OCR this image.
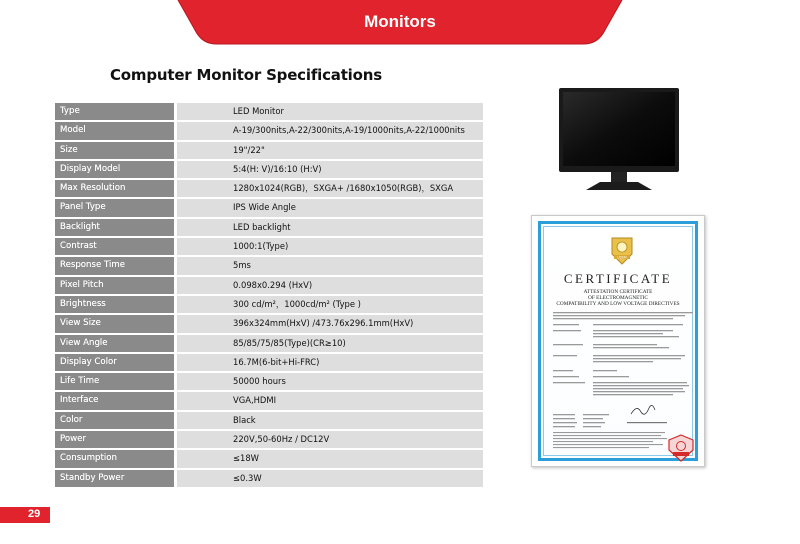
Monitors
Computer Monitor Specifications
Type	LED Monitor
Model	A-19/300nits,A-22/300nits,A-19/1000nits,A-22/1000nits
Size	19"/22"
Display Model	5:4(H: V)/16:10 (H:V)
Max Resolution	1280x1024(RGB)，SXGA+ /1680x1050(RGB)，SXGA
Panel Type	IPS Wide Angle
Backlight	LED backlight
Contrast	1000:1(Type)
Response Time	5ms
Pixel Pitch	0.098x0.294 (HxV)
Brightness	300 cd/m²，1000cd/m² (Type )
View Size	396x324mm(HxV) /473.76x296.1mm(HxV)
View Angle	85/85/75/85(Type)(CR≥10)
Display Color	16.7M(6-bit+Hi-FRC)
Life Time	50000 hours
Interface	VGA,HDMI
Color	Black
Power	220V,50-60Hz / DC12V
Consumption	≤18W
Standby Power	≤0.3W
UDEM
CERTIFICATE
ATTESTATION CERTIFICATE
OF ELECTROMAGNETIC
COMPATIBILITY AND LOW VOLTAGE DIRECTIVES
29
